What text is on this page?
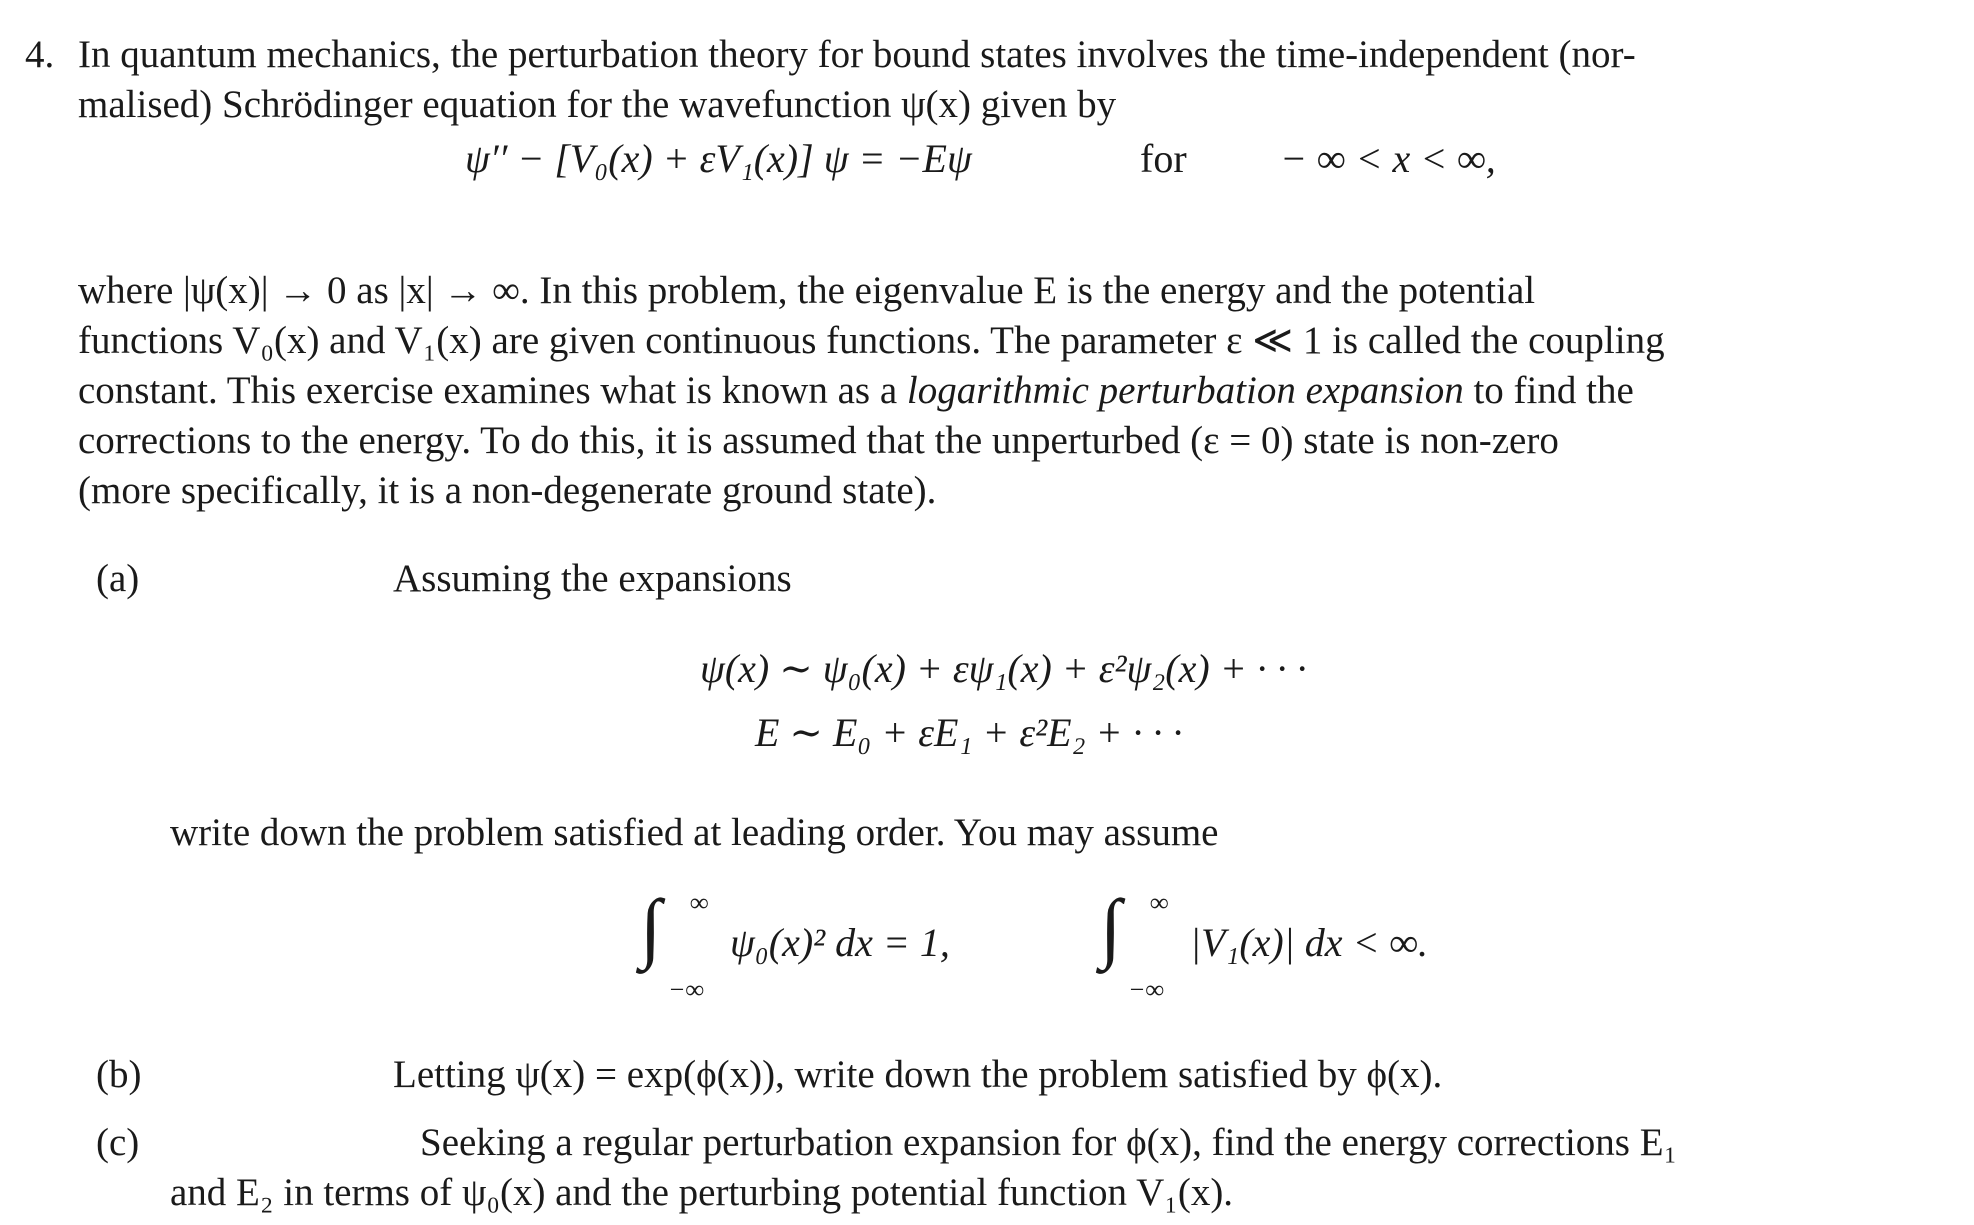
4. In quantum mechanics, the perturbation theory for bound states involves the time-independent (nor-
malised) Schrödinger equation for the wavefunction ψ(x) given by
ψ′′ − [V₀(x) + εV₁(x)] ψ = −Eψ	for − ∞ < x < ∞,
where |ψ(x)| → 0 as |x| → ∞. In this problem, the eigenvalue E is the energy and the potential
functions V₀(x) and V₁(x) are given continuous functions. The parameter ε ≪ 1 is called the coupling
constant. This exercise examines what is known as a logarithmic perturbation expansion to find the
corrections to the energy. To do this, it is assumed that the unperturbed (ε = 0) state is non-zero
(more specifically, it is a non-degenerate ground state).
(a)	Assuming the expansions
ψ(x) ∼ ψ₀(x) + εψ₁(x) + ε²ψ₂(x) + · · ·
E ∼ E₀ + εE₁ + ε²E₂ + · · ·
write down the problem satisfied at leading order. You may assume
∫ ∞
−∞
ψ₀(x)² dx = 1, ∫ ∞
−∞
|V₁(x)| dx < ∞.
(b)	Letting ψ(x) = exp(ϕ(x)), write down the problem satisfied by ϕ(x).
(c)	Seeking a regular perturbation expansion for ϕ(x), find the energy corrections E₁
and E₂ in terms of ψ₀(x) and the perturbing potential function V₁(x).
